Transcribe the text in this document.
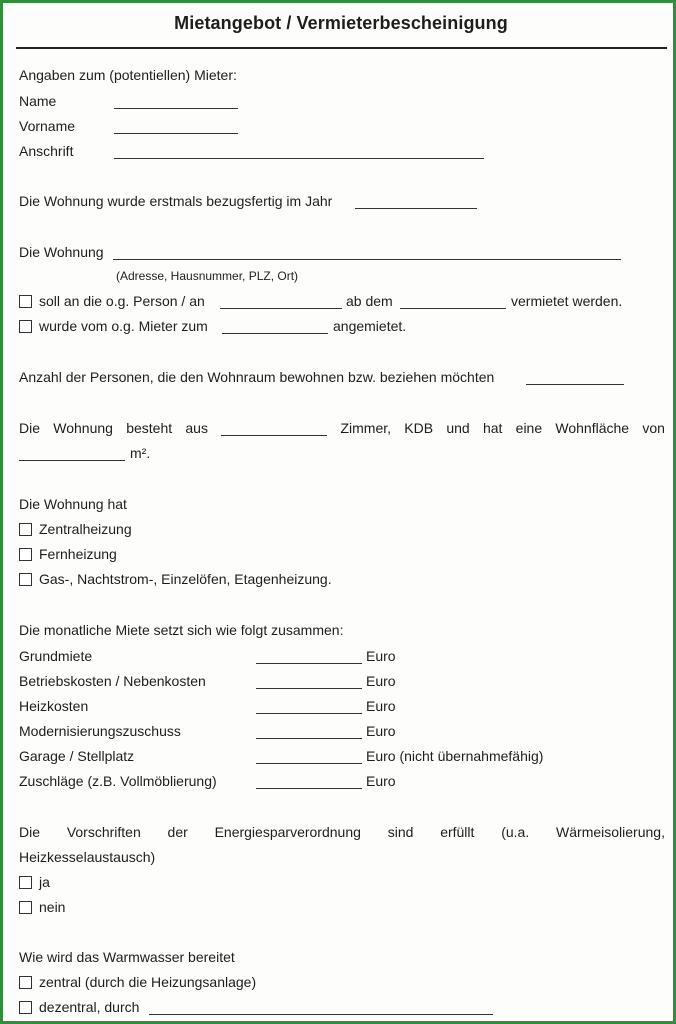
Mietangebot / Vermieterbescheinigung
Angaben zum (potentiellen) Mieter:
Name
Vorname
Anschrift
Die Wohnung wurde erstmals bezugsfertig im Jahr
Die Wohnung
(Adresse, Hausnummer, PLZ, Ort)
soll an die o.g. Person / an	ab dem	vermietet werden.
wurde vom o.g. Mieter zum	angemietet.
Anzahl der Personen, die den Wohnraum bewohnen bzw. beziehen möchten
Die Wohnung besteht aus	Zimmer, KDB und hat eine Wohnfläche von
m².
Die Wohnung hat
Zentralheizung
Fernheizung
Gas-, Nachtstrom-, Einzelöfen, Etagenheizung.
Die monatliche Miete setzt sich wie folgt zusammen:
Grundmiete	Euro
Betriebskosten / Nebenkosten	Euro
Heizkosten	Euro
Modernisierungszuschuss	Euro
Garage / Stellplatz	Euro (nicht übernahmefähig)
Zuschläge (z.B. Vollmöblierung)	Euro
Die Vorschriften der Energiesparverordnung sind erfüllt (u.a. Wärmeisolierung,
Heizkesselaustausch)
ja
nein
Wie wird das Warmwasser bereitet
zentral (durch die Heizungsanlage)
dezentral, durch
